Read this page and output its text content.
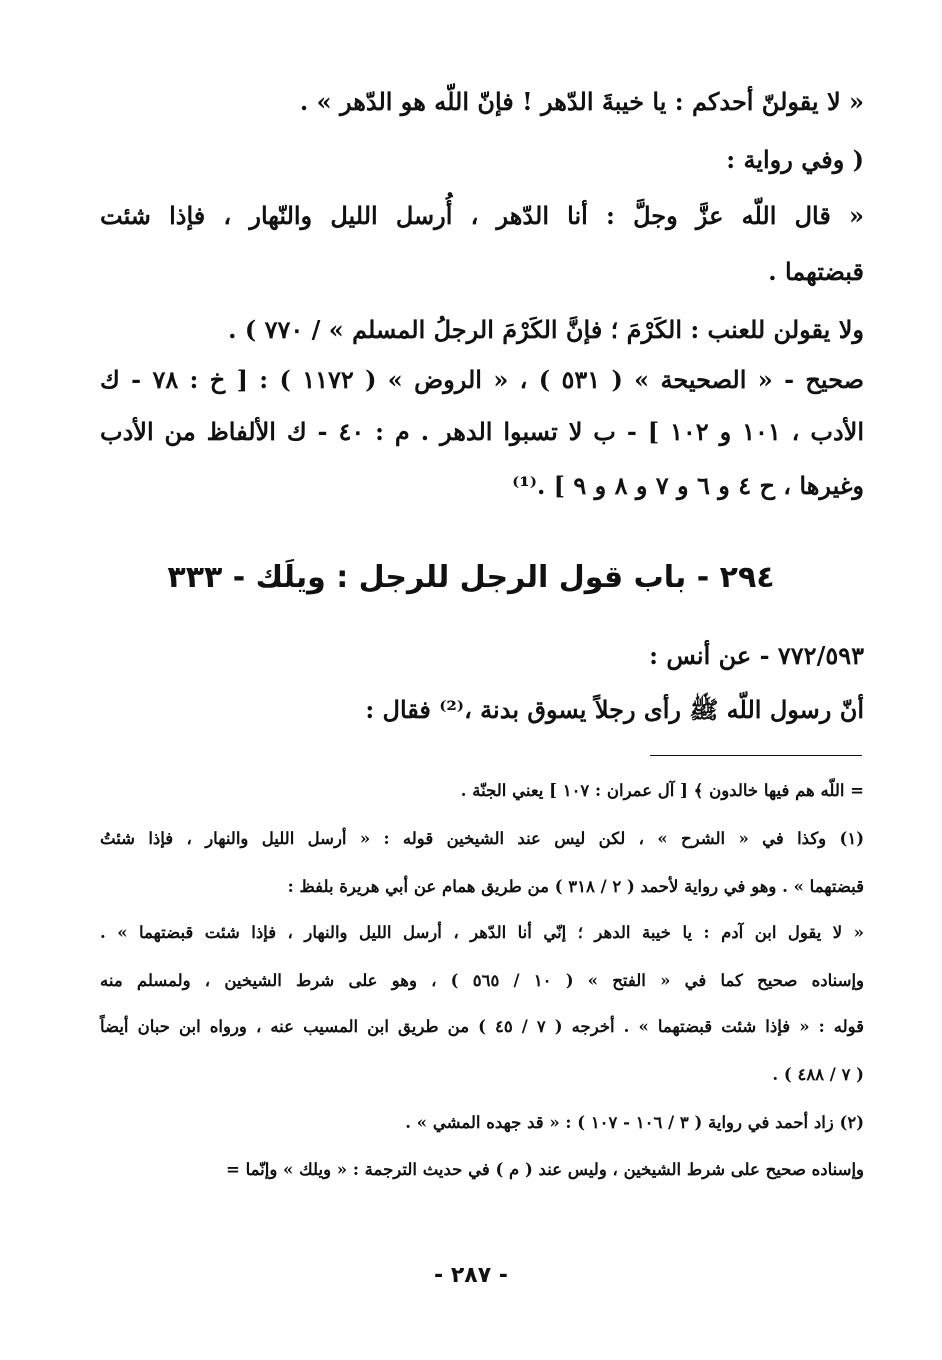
« لا يقولنّ أحدكم : يا خيبةَ الدّهر ! فإنّ اللّه هو الدّهر » .
( وفي رواية :
« قال اللّه عزَّ وجلَّ : أنا الدّهر ، أُرسل الليل والنّهار ، فإذا شئت
قبضتهما .
ولا يقولن للعنب : الكَرْمَ ؛ فإنَّ الكَرْمَ الرجلُ المسلم » / ٧٧٠ ) .
صحيح - « الصحيحة » ( ٥٣١ ) ، « الروض » ( ١١٧٢ ) : [ خ : ٧٨ - ك
الأدب ، ١٠١ و ١٠٢ ] - ب لا تسبوا الدهر . م : ٤٠ - ك الألفاظ من الأدب
وغيرها ، ح ٤ و ٦ و ٧ و ٨ و ٩ ] .⁽¹⁾
٢٩٤ - باب قول الرجل للرجل : ويلَك - ٣٣٣
٧٧٢/٥٩٣ - عن أنس :
أنّ رسول اللّه ﷺ رأى رجلاً يسوق بدنة ،⁽²⁾ فقال :
= اللّه هم فيها خالدون ﴾ [ آل عمران : ١٠٧ ] يعني الجنّة .
(١) وكذا في « الشرح » ، لكن ليس عند الشيخين قوله : « أرسل الليل والنهار ، فإذا شئتُ
قبضتهما » . وهو في رواية لأحمد ( ٢ / ٣١٨ ) من طريق همام عن أبي هريرة بلفظ :
« لا يقول ابن آدم : يا خيبة الدهر ؛ إنّي أنا الدّهر ، أرسل الليل والنهار ، فإذا شئت قبضتهما » .
وإسناده صحيح كما في « الفتح » ( ١٠ / ٥٦٥ ) ، وهو على شرط الشيخين ، ولمسلم منه
قوله : « فإذا شئت قبضتهما » . أخرجه ( ٧ / ٤٥ ) من طريق ابن المسيب عنه ، ورواه ابن حبان أيضاً
( ٧ / ٤٨٨ ) .
(٢) زاد أحمد في رواية ( ٣ / ١٠٦ - ١٠٧ ) : « قد جهده المشي » .
وإسناده صحيح على شرط الشيخين ، وليس عند ( م ) في حديث الترجمة : « ويلك » وإنّما =
- ٢٨٧ -
